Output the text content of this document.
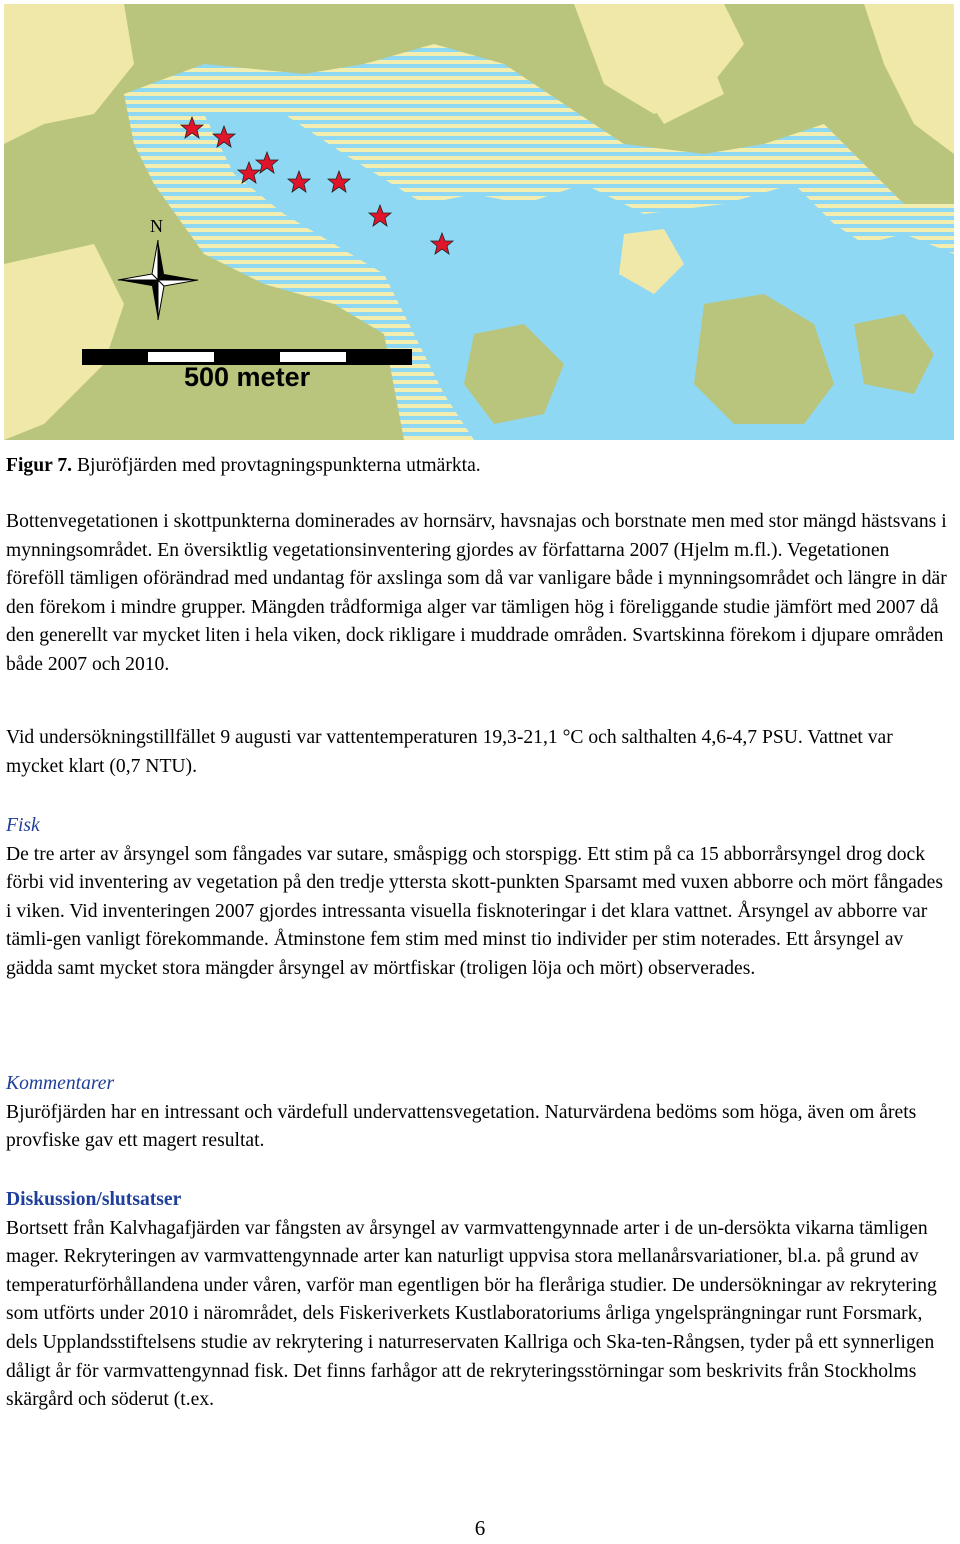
N
500 meter

Figur 7. Bjuröfjärden med provtagningspunkterna utmärkta.

Bottenvegetationen i skottpunkterna dominerades av hornsärv, havsnajas och borstnate men med stor mängd hästsvans i mynningsområdet. En översiktlig vegetationsinventering gjordes av författarna 2007 (Hjelm m.fl.). Vegetationen föreföll tämligen oförändrad med undantag för axslinga som då var vanligare både i mynningsområdet och längre in där den förekom i mindre grupper. Mängden trådformiga alger var tämligen hög i föreliggande studie jämfört med 2007 då den generellt var mycket liten i hela viken, dock rikligare i muddrade områden. Svartskinna förekom i djupare områden både 2007 och 2010.

Vid undersökningstillfället 9 augusti var vattentemperaturen 19,3-21,1 °C och salthalten 4,6-4,7 PSU. Vattnet var mycket klart (0,7 NTU).

Fisk

De tre arter av årsyngel som fångades var sutare, småspigg och storspigg. Ett stim på ca 15 abborrårsyngel drog dock förbi vid inventering av vegetation på den tredje yttersta skott-punkten Sparsamt med vuxen abborre och mört fångades i viken. Vid inventeringen 2007 gjordes intressanta visuella fisknoteringar i det klara vattnet. Årsyngel av abborre var tämli-gen vanligt förekommande. Åtminstone fem stim med minst tio individer per stim noterades. Ett årsyngel av gädda samt mycket stora mängder årsyngel av mörtfiskar (troligen löja och mört) observerades.

Kommentarer

Bjuröfjärden har en intressant och värdefull undervattensvegetation. Naturvärdena bedöms som höga, även om årets provfiske gav ett magert resultat.

Diskussion/slutsatser

Bortsett från Kalvhagafjärden var fångsten av årsyngel av varmvattengynnade arter i de un-dersökta vikarna tämligen mager. Rekryteringen av varmvattengynnade arter kan naturligt uppvisa stora mellanårsvariationer, bl.a. på grund av temperaturförhållandena under våren, varför man egentligen bör ha fleråriga studier. De undersökningar av rekrytering som utförts under 2010 i närområdet, dels Fiskeriverkets Kustlaboratoriums årliga yngelsprängningar runt Forsmark, dels Upplandsstiftelsens studie av rekrytering i naturreservaten Kallriga och Ska-ten-Rångsen, tyder på ett synnerligen dåligt år för varmvattengynnad fisk. Det finns farhågor att de rekryteringsstörningar som beskrivits från Stockholms skärgård och söderut (t.ex.

6
